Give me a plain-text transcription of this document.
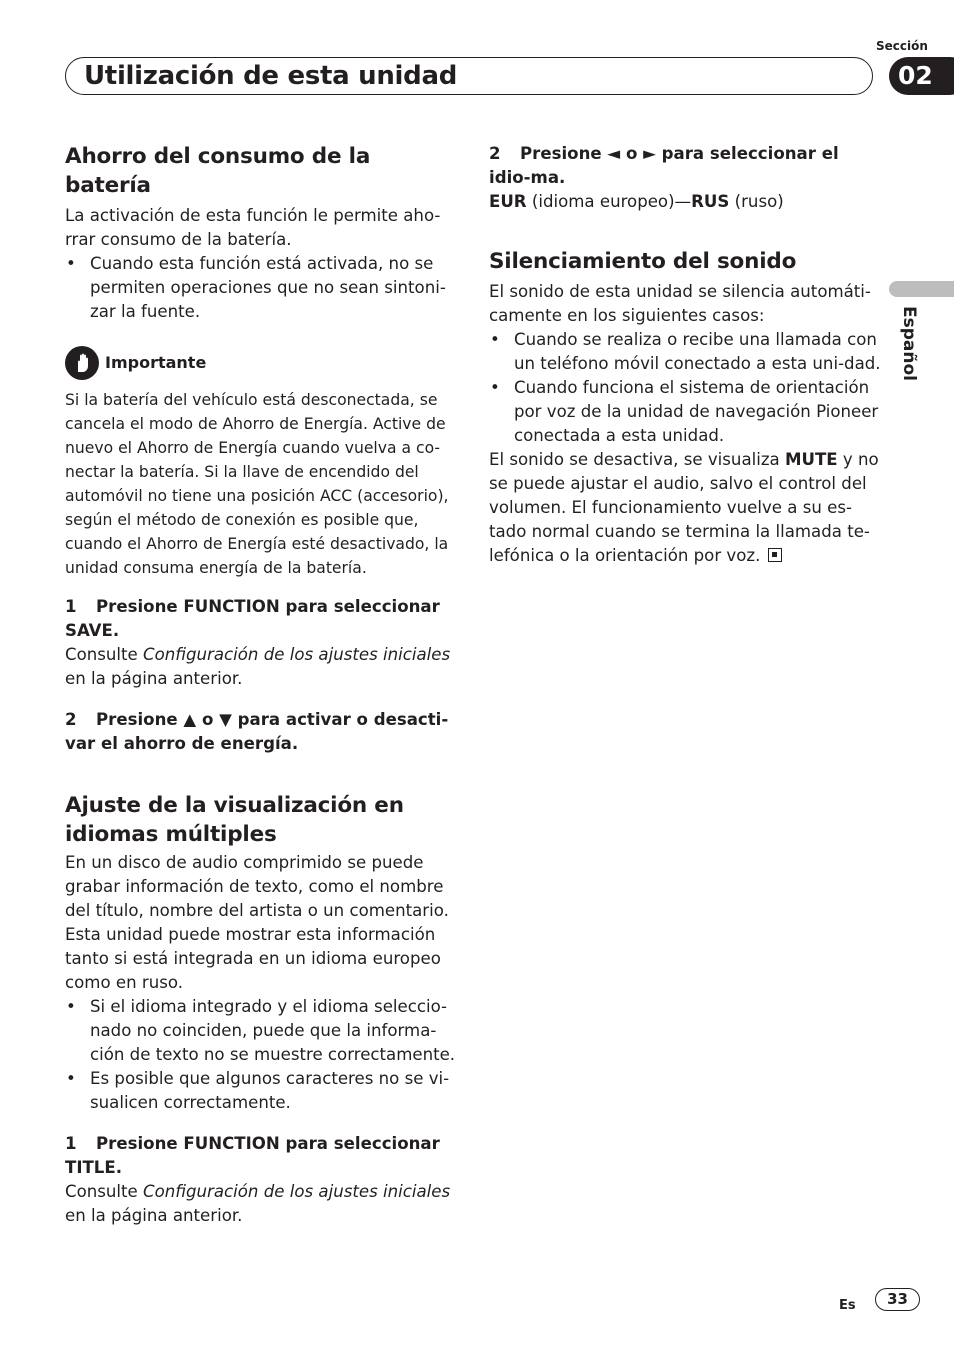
Sección
Utilización de esta unidad	02
Español
Ahorro del consumo de la batería

La activación de esta función le permite aho-rrar consumo de la batería.

• Cuando esta función está activada, no se permiten operaciones que no sean sintoni-zar la fuente.
Importante

Si la batería del vehículo está desconectada, se cancela el modo de Ahorro de Energía. Active de nuevo el Ahorro de Energía cuando vuelva a co-nectar la batería. Si la llave de encendido del automóvil no tiene una posición ACC (accesorio), según el método de conexión es posible que, cuando el Ahorro de Energía esté desactivado, la unidad consuma energía de la batería.

1 Presione FUNCTION para seleccionar SAVE.

Consulte Configuración de los ajustes iniciales en la página anterior.

2 Presione ▲ o ▼ para activar o desacti-var el ahorro de energía.
Ajuste de la visualización en idiomas múltiples

En un disco de audio comprimido se puede grabar información de texto, como el nombre del título, nombre del artista o un comentario. Esta unidad puede mostrar esta información tanto si está integrada en un idioma europeo como en ruso.

• Si el idioma integrado y el idioma seleccio-nado no coinciden, puede que la informa-ción de texto no se muestre correctamente.
• Es posible que algunos caracteres no se vi-sualicen correctamente.
1 Presione FUNCTION para seleccionar TITLE.

Consulte Configuración de los ajustes iniciales en la página anterior.

2 Presione ◄ o ► para seleccionar el idio-ma.

EUR (idioma europeo)—RUS (ruso)

Silenciamiento del sonido

El sonido de esta unidad se silencia automáti-camente en los siguientes casos:

• Cuando se realiza o recibe una llamada con un teléfono móvil conectado a esta uni-dad.
• Cuando funciona el sistema de orientación por voz de la unidad de navegación Pioneer conectada a esta unidad.

El sonido se desactiva, se visualiza MUTE y no se puede ajustar el audio, salvo el control del volumen. El funcionamiento vuelve a su es-tado normal cuando se termina la llamada te-lefónica o la orientación por voz.

Es	33
